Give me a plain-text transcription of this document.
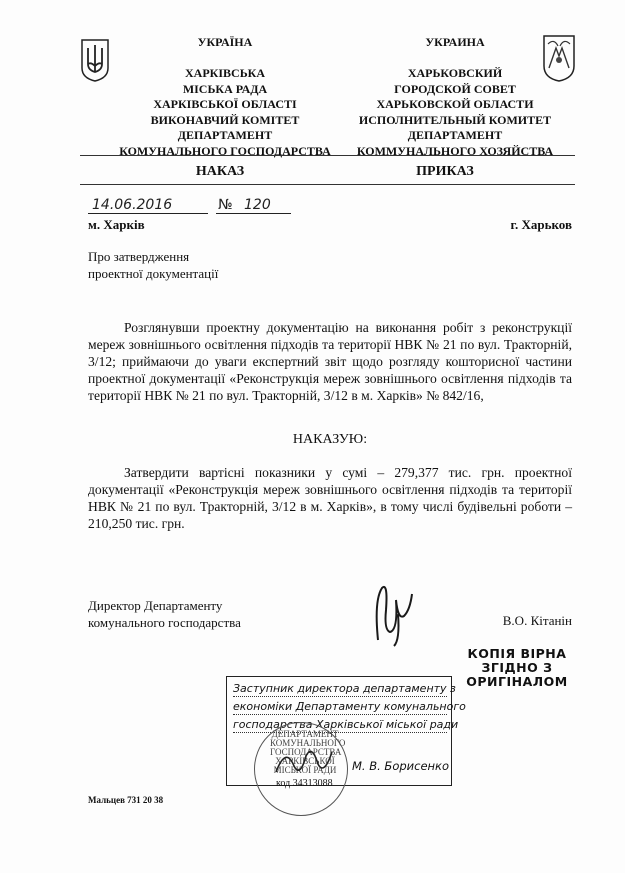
УКРАЇНА
ХАРКІВСЬКА
МІСЬКА РАДА
ХАРКІВСЬКОЇ ОБЛАСТІ
ВИКОНАВЧИЙ КОМІТЕТ
ДЕПАРТАМЕНТ
КОМУНАЛЬНОГО ГОСПОДАРСТВА
УКРАИНА
ХАРЬКОВСКИЙ
ГОРОДСКОЙ СОВЕТ
ХАРЬКОВСКОЙ ОБЛАСТИ
ИСПОЛНИТЕЛЬНЫЙ КОМИТЕТ
ДЕПАРТАМЕНТ
КОММУНАЛЬНОГО ХОЗЯЙСТВА
НАКАЗ	ПРИКАЗ
14.06.2016	№ 120
м. Харків	г. Харьков
Про затвердження
проектної документації
Розглянувши проектну документацію на виконання робіт з реконструкції мереж зовнішнього освітлення підходів та території НВК № 21 по вул. Тракторній, 3/12; приймаючи до уваги експертний звіт щодо розгляду кошторисної частини проектної документації «Реконструкція мереж зовнішнього освітлення підходів та території НВК № 21 по вул. Тракторній, 3/12 в м. Харків» № 842/16,
НАКАЗУЮ:
Затвердити вартісні показники у сумі – 279,377 тис. грн. проектної документації «Реконструкція мереж зовнішнього освітлення підходів та території НВК № 21 по вул. Тракторній, 3/12 в м. Харків», в тому числі будівельні роботи – 210,250 тис. грн.
Директор Департаменту
комунального господарства	В.О. Кітанін
КОПІЯ ВІРНА
ЗГІДНО З
ОРИГІНАЛОМ
Заступник директора департаменту з
економіки Департаменту комунального
господарства Харківської міської ради
ДЕПАРТАМЕНТ
КОМУНАЛЬНОГО
ГОСПОДАРСТВА
ХАРКІВСЬКОЇ
МІСЬКОЇ РАДИ
код 34313088
М. В. Борисенко
Мальцев 731 20 38
